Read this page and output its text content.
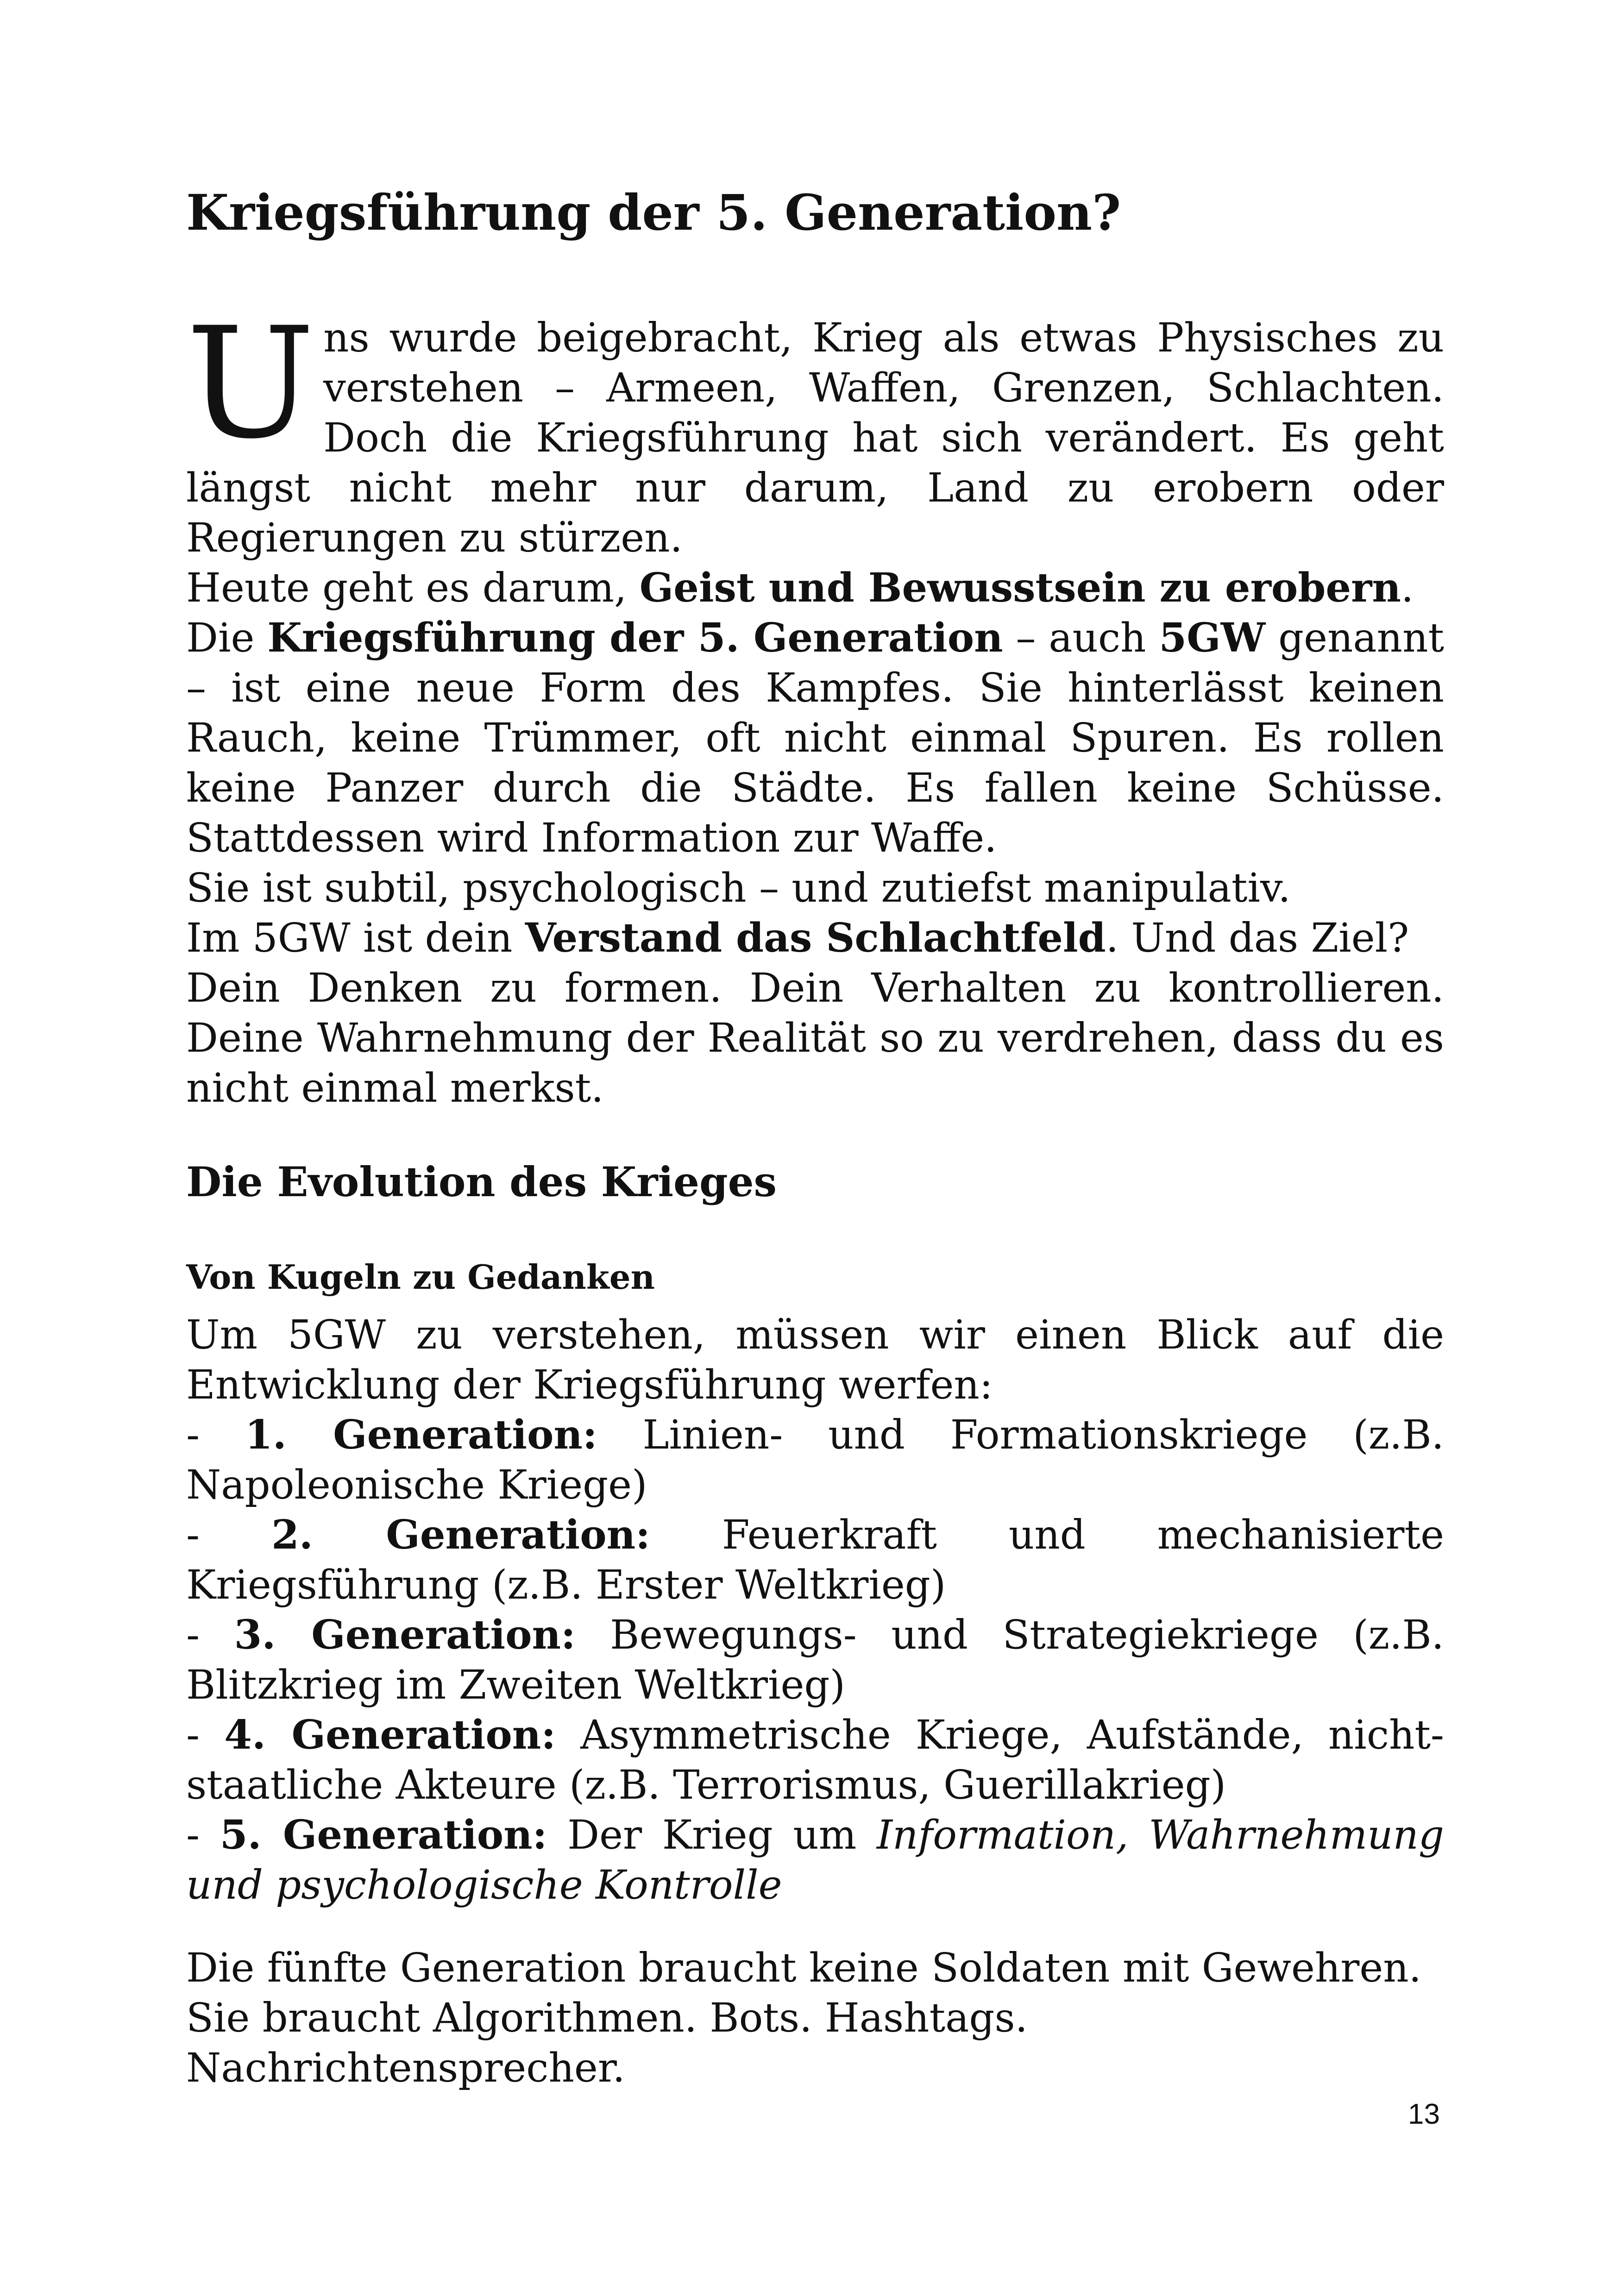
Kriegsführung der 5. Generation?

Uns wurde beigebracht, Krieg als etwas Physisches zu verstehen – Armeen, Waffen, Grenzen, Schlachten. Doch die Kriegsführung hat sich verändert. Es geht längst nicht mehr nur darum, Land zu erobern oder Regierungen zu stürzen.

Heute geht es darum, Geist und Bewusstsein zu erobern.

Die Kriegsführung der 5. Generation – auch 5GW genannt – ist eine neue Form des Kampfes. Sie hinterlässt keinen Rauch, keine Trümmer, oft nicht einmal Spuren. Es rollen keine Panzer durch die Städte. Es fallen keine Schüsse. Stattdessen wird Information zur Waffe.

Sie ist subtil, psychologisch – und zutiefst manipulativ.

Im 5GW ist dein Verstand das Schlachtfeld. Und das Ziel?

Dein Denken zu formen. Dein Verhalten zu kontrollieren. Deine Wahrnehmung der Realität so zu verdrehen, dass du es nicht einmal merkst.

Die Evolution des Krieges
Von Kugeln zu Gedanken

Um 5GW zu verstehen, müssen wir einen Blick auf die Entwicklung der Kriegsführung werfen:

- 1. Generation: Linien- und Formationskriege (z.B. Napoleonische Kriege)

- 2. Generation: Feuerkraft und mechanisierte Kriegsführung (z.B. Erster Weltkrieg)

- 3. Generation: Bewegungs- und Strategiekriege (z.B. Blitzkrieg im Zweiten Weltkrieg)

- 4. Generation: Asymmetrische Kriege, Aufstände, nicht-staatliche Akteure (z.B. Terrorismus, Guerillakrieg)

- 5. Generation: Der Krieg um Information, Wahrnehmung und psychologische Kontrolle

Die fünfte Generation braucht keine Soldaten mit Gewehren.

Sie braucht Algorithmen. Bots. Hashtags. Nachrichtensprecher.

13
